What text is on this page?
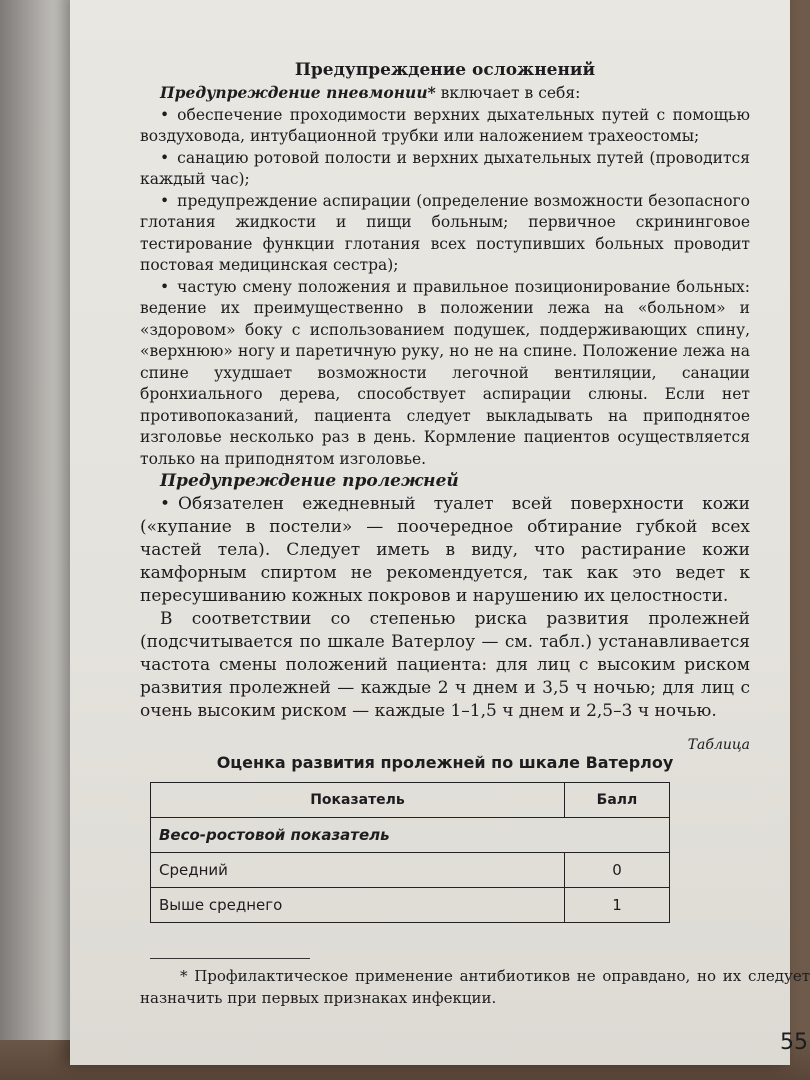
Предупреждение осложнений

Предупреждение пневмонии* включает в себя:

• обеспечение проходимости верхних дыхательных путей с помощью воздуховода, интубационной трубки или наложением трахеостомы;

• санацию ротовой полости и верхних дыхательных путей (проводится каждый час);

• предупреждение аспирации (определение возможности безопасного глотания жидкости и пищи больным; первичное скрининговое тестирование функции глотания всех поступивших больных проводит постовая медицинская сестра);

• частую смену положения и правильное позиционирование больных: ведение их преимущественно в положении лежа на «больном» и «здоровом» боку с использованием подушек, поддерживающих спину, «верхнюю» ногу и паретичную руку, но не на спине. Положение лежа на спине ухудшает возможности легочной вентиляции, санации бронхиального дерева, способствует аспирации слюны. Если нет противопоказаний, пациента следует выкладывать на приподнятое изголовье несколько раз в день. Кормление пациентов осуществляется только на приподнятом изголовье.

Предупреждение пролежней

• Обязателен ежедневный туалет всей поверхности кожи («купание в постели» — поочередное обтирание губкой всех частей тела). Следует иметь в виду, что растирание кожи камфорным спиртом не рекомендуется, так как это ведет к пересушиванию кожных покровов и нарушению их целостности.

В соответствии со степенью риска развития пролежней (подсчитывается по шкале Ватерлоу — см. табл.) устанавливается частота смены положений пациента: для лиц с высоким риском развития пролежней — каждые 2 ч днем и 3,5 ч ночью; для лиц с очень высоким риском — каждые 1–1,5 ч днем и 2,5–3 ч ночью.

Таблица
Оценка развития пролежней по шкале Ватерлоу
Показатель	Балл
Весо-ростовой показатель	
Средний	0
Выше среднего	1
* Профилактическое применение антибиотиков не оправдано, но их следует назначить при первых признаках инфекции.
55
